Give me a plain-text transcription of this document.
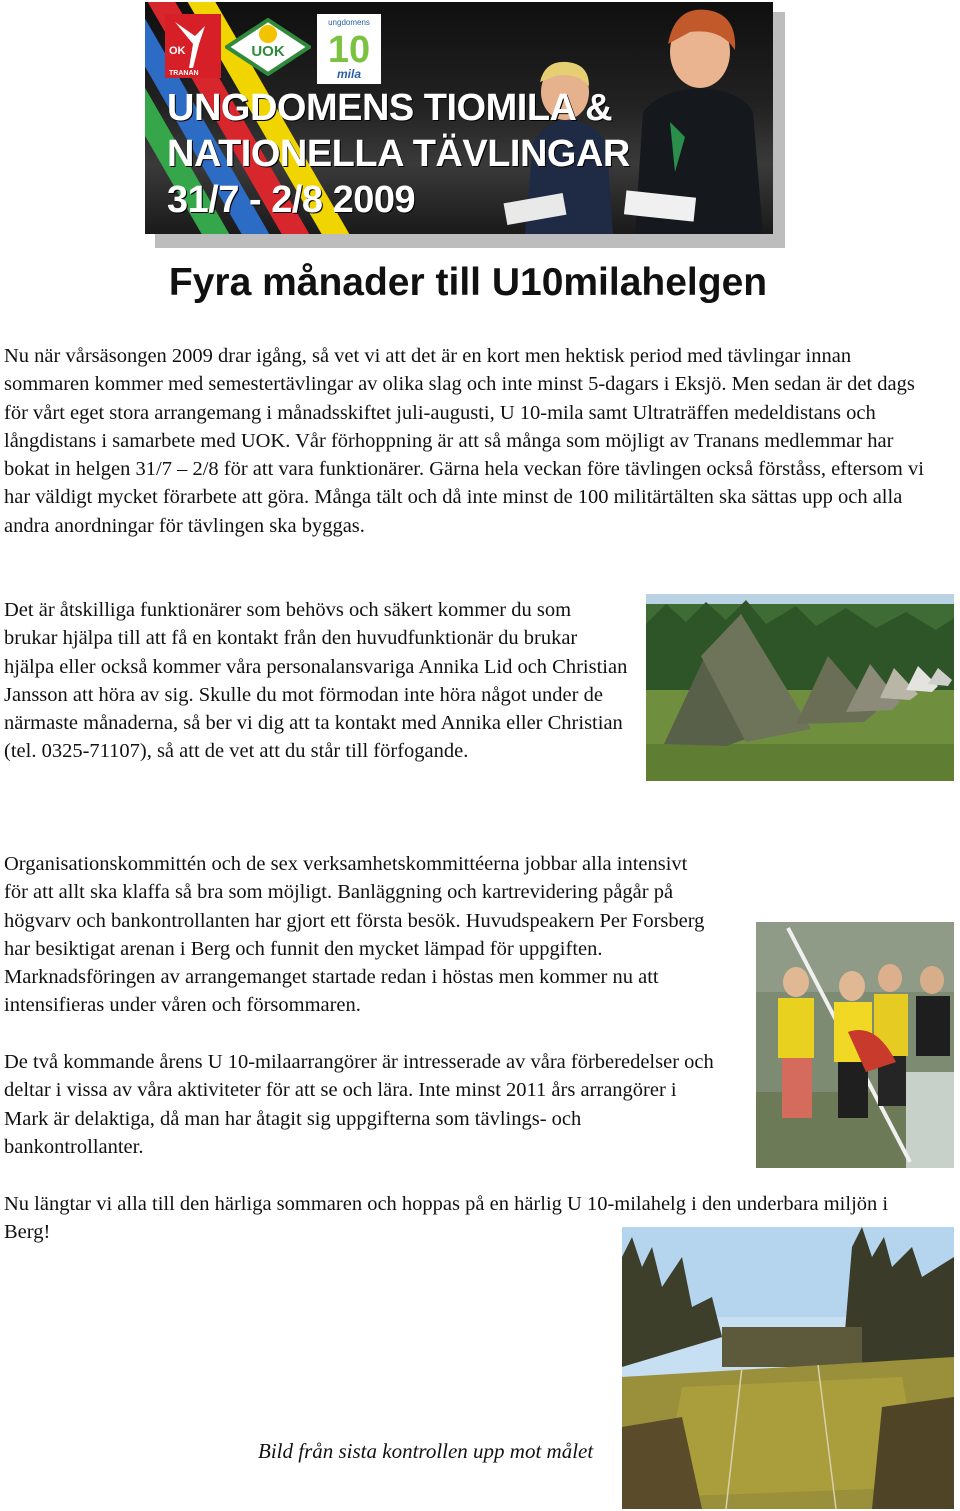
OK
TRANAN
UOK
ungdomens
10
mila
UNGDOMENS TIOMILA &
NATIONELLA TÄVLINGAR
31/7 - 2/8 2009
Fyra månader till U10milahelgen

Nu när vårsäsongen 2009 drar igång, så vet vi att det är en kort men hektisk period med tävlingar innan sommaren kommer med semestertävlingar av olika slag och inte minst 5-dagars i Eksjö. Men sedan är det dags för vårt eget stora arrangemang i månadsskiftet juli-augusti, U 10-mila samt Ultraträffen medeldistans och långdistans i samarbete med UOK. Vår förhoppning är att så många som möjligt av Tranans medlemmar har bokat in helgen 31/7 – 2/8 för att vara funktionärer. Gärna hela veckan före tävlingen också förståss, eftersom vi har väldigt mycket förarbete att göra. Många tält och då inte minst de 100 militärtälten ska sättas upp och alla andra anordningar för tävlingen ska byggas.

Det är åtskilliga funktionärer som behövs och säkert kommer du som brukar hjälpa till att få en kontakt från den huvudfunktionär du brukar hjälpa eller också kommer våra personalansvariga Annika Lid och Christian Jansson att höra av sig. Skulle du mot förmodan inte höra något under de närmaste månaderna, så ber vi dig att ta kontakt med Annika eller Christian (tel. 0325-71107), så att de vet att du står till förfogande.

Organisationskommittén och de sex verksamhetskommittéerna jobbar alla intensivt för att allt ska klaffa så bra som möjligt. Banläggning och kartrevidering pågår på högvarv och bankontrollanten har gjort ett första besök. Huvudspeakern Per Forsberg har besiktigat arenan i Berg och funnit den mycket lämpad för uppgiften. Marknadsföringen av arrangemanget startade redan i höstas men kommer nu att intensifieras under våren och försommaren.

De två kommande årens U 10-milaarrangörer är intresserade av våra förberedelser och deltar i vissa av våra aktiviteter för att se och lära. Inte minst 2011 års arrangörer i Mark är delaktiga, då man har åtagit sig uppgifterna som tävlings- och bankontrollanter.

Nu längtar vi alla till den härliga sommaren och hoppas på en härlig U 10-milahelg i den underbara miljön i Berg!

Bild från sista kontrollen upp mot målet
